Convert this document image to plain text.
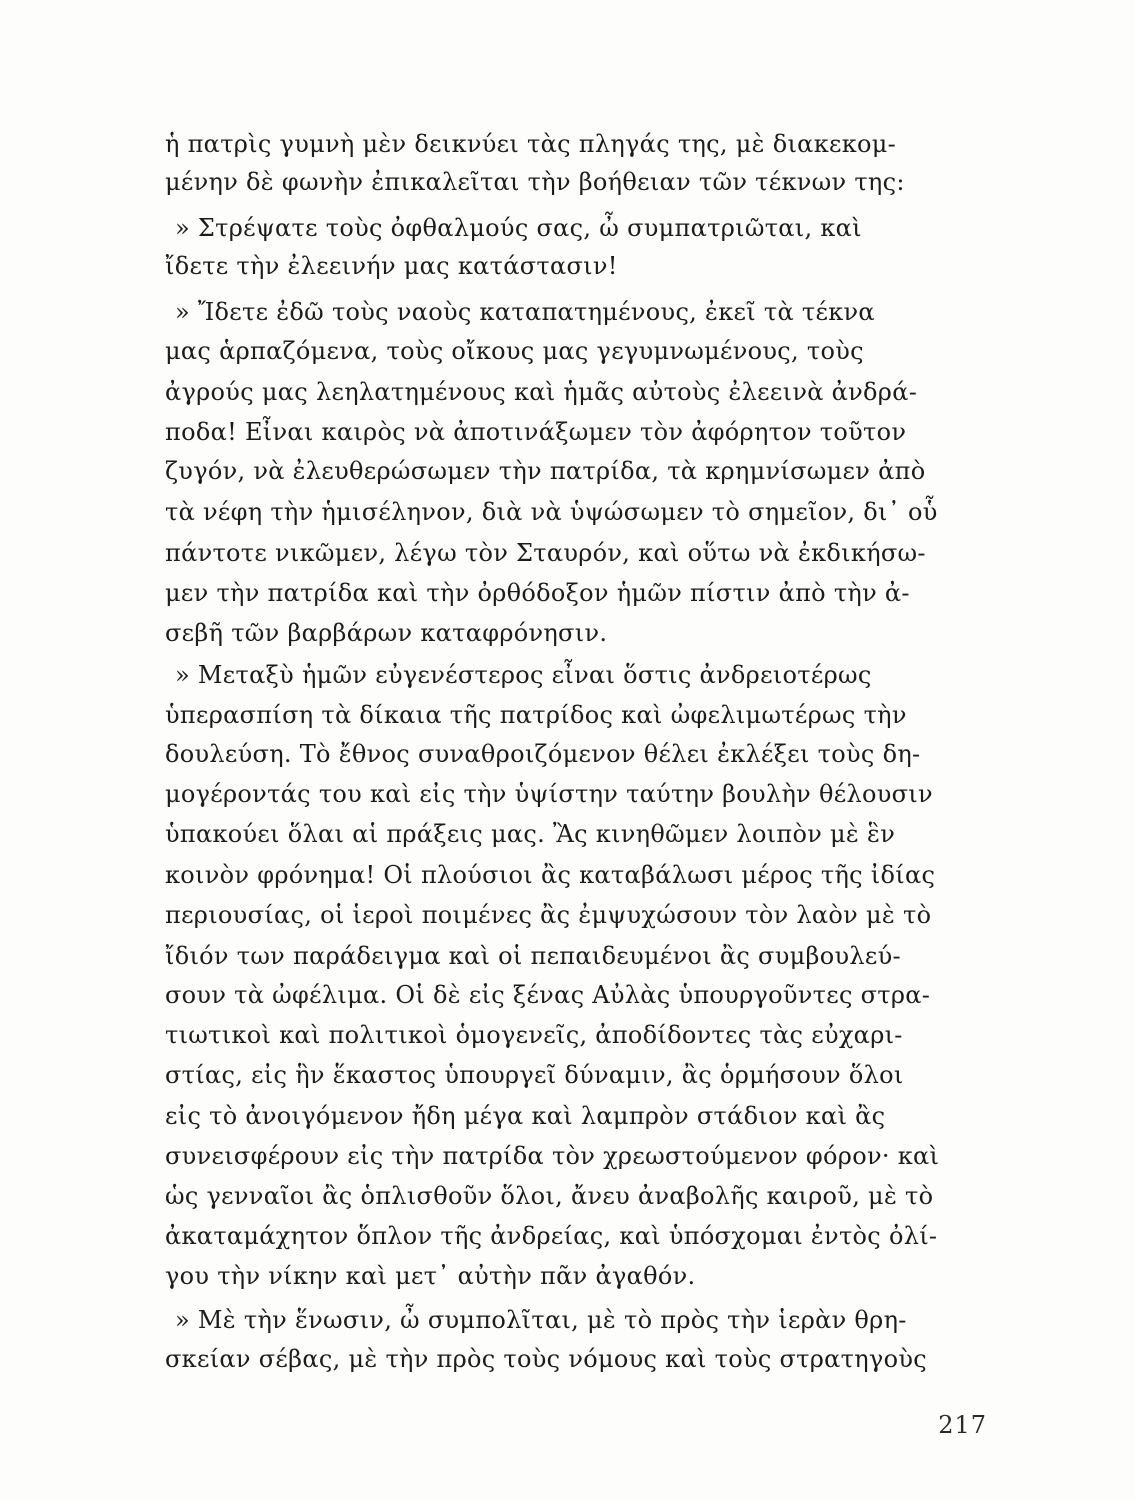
ἡ πατρὶς γυμνὴ μὲν δεικνύει τὰς πληγάς της, μὲ διακεκομ-
μένην δὲ φωνὴν ἐπικαλεῖται τὴν βοήθειαν τῶν τέκνων της:
» Στρέψατε τοὺς ὀφθαλμούς σας, ὦ συμπατριῶται, καὶ
ἴδετε τὴν ἐλεεινήν μας κατάστασιν!
» Ἴδετε ἐδῶ τοὺς ναοὺς καταπατημένους, ἐκεῖ τὰ τέκνα
μας ἁρπαζόμενα, τοὺς οἴκους μας γεγυμνωμένους, τοὺς
ἀγρούς μας λεηλατημένους καὶ ἡμᾶς αὐτοὺς ἐλεεινὰ ἀνδρά-
ποδα! Εἶναι καιρὸς νὰ ἀποτινάξωμεν τὸν ἀφόρητον τοῦτον
ζυγόν, νὰ ἐλευθερώσωμεν τὴν πατρίδα, τὰ κρημνίσωμεν ἀπὸ
τὰ νέφη τὴν ἡμισέληνον, διὰ νὰ ὑψώσωμεν τὸ σημεῖον, δι᾽ οὗ
πάντοτε νικῶμεν, λέγω τὸν Σταυρόν, καὶ οὕτω νὰ ἐκδικήσω-
μεν τὴν πατρίδα καὶ τὴν ὀρθόδοξον ἡμῶν πίστιν ἀπὸ τὴν ἀ-
σεβῆ τῶν βαρβάρων καταφρόνησιν.
» Μεταξὺ ἡμῶν εὐγενέστερος εἶναι ὅστις ἀνδρειοτέρως
ὑπερασπίση τὰ δίκαια τῆς πατρίδος καὶ ὠφελιμωτέρως τὴν
δουλεύση. Τὸ ἔθνος συναθροιζόμενον θέλει ἐκλέξει τοὺς δη-
μογέροντάς του καὶ εἰς τὴν ὑψίστην ταύτην βουλὴν θέλουσιν
ὑπακούει ὅλαι αἱ πράξεις μας. Ἂς κινηθῶμεν λοιπὸν μὲ ἓν
κοινὸν φρόνημα! Οἱ πλούσιοι ἂς καταβάλωσι μέρος τῆς ἰδίας
περιουσίας, οἱ ἱεροὶ ποιμένες ἂς ἐμψυχώσουν τὸν λαὸν μὲ τὸ
ἴδιόν των παράδειγμα καὶ οἱ πεπαιδευμένοι ἂς συμβουλεύ-
σουν τὰ ὠφέλιμα. Οἱ δὲ εἰς ξένας Αὐλὰς ὑπουργοῦντες στρα-
τιωτικοὶ καὶ πολιτικοὶ ὁμογενεῖς, ἀποδίδοντες τὰς εὐχαρι-
στίας, εἰς ἣν ἕκαστος ὑπουργεῖ δύναμιν, ἂς ὁρμήσουν ὅλοι
εἰς τὸ ἀνοιγόμενον ἤδη μέγα καὶ λαμπρὸν στάδιον καὶ ἂς
συνεισφέρουν εἰς τὴν πατρίδα τὸν χρεωστούμενον φόρον· καὶ
ὡς γενναῖοι ἂς ὁπλισθοῦν ὅλοι, ἄνευ ἀναβολῆς καιροῦ, μὲ τὸ
ἀκαταμάχητον ὅπλον τῆς ἀνδρείας, καὶ ὑπόσχομαι ἐντὸς ὀλί-
γου τὴν νίκην καὶ μετ᾽ αὐτὴν πᾶν ἀγαθόν.
» Μὲ τὴν ἕνωσιν, ὦ συμπολῖται, μὲ τὸ πρὸς τὴν ἱερὰν θρη-
σκείαν σέβας, μὲ τὴν πρὸς τοὺς νόμους καὶ τοὺς στρατηγοὺς
217
